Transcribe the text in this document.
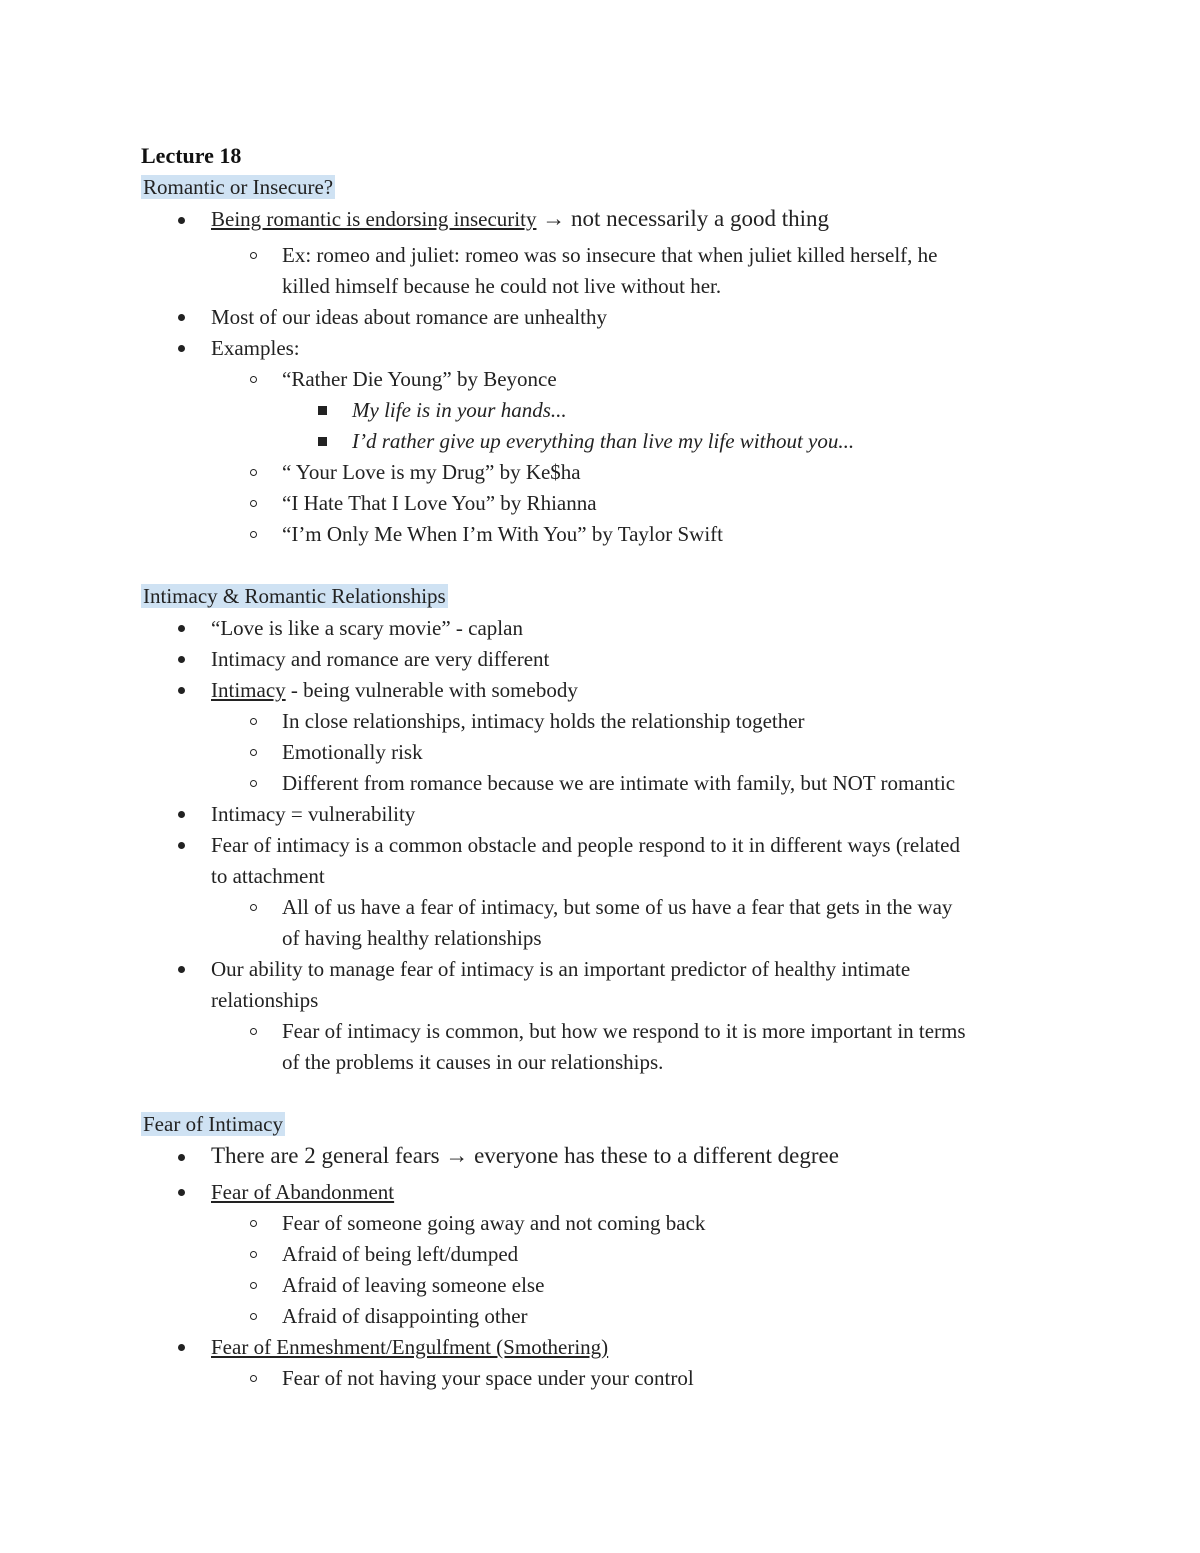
Lecture 18
Romantic or Insecure?
Being romantic is endorsing insecurity → not necessarily a good thing
Ex: romeo and juliet: romeo was so insecure that when juliet killed herself, he
killed himself because he could not live without her.
Most of our ideas about romance are unhealthy
Examples:
“Rather Die Young” by Beyonce
My life is in your hands...
I’d rather give up everything than live my life without you...
“ Your Love is my Drug” by Ke$ha
“I Hate That I Love You” by Rhianna
“I’m Only Me When I’m With You” by Taylor Swift
Intimacy & Romantic Relationships
“Love is like a scary movie” - caplan
Intimacy and romance are very different
Intimacy - being vulnerable with somebody
In close relationships, intimacy holds the relationship together
Emotionally risk
Different from romance because we are intimate with family, but NOT romantic
Intimacy = vulnerability
Fear of intimacy is a common obstacle and people respond to it in different ways (related
to attachment
All of us have a fear of intimacy, but some of us have a fear that gets in the way
of having healthy relationships
Our ability to manage fear of intimacy is an important predictor of healthy intimate
relationships
Fear of intimacy is common, but how we respond to it is more important in terms
of the problems it causes in our relationships.
Fear of Intimacy
There are 2 general fears → everyone has these to a different degree
Fear of Abandonment
Fear of someone going away and not coming back
Afraid of being left/dumped
Afraid of leaving someone else
Afraid of disappointing other
Fear of Enmeshment/Engulfment (Smothering)
Fear of not having your space under your control
